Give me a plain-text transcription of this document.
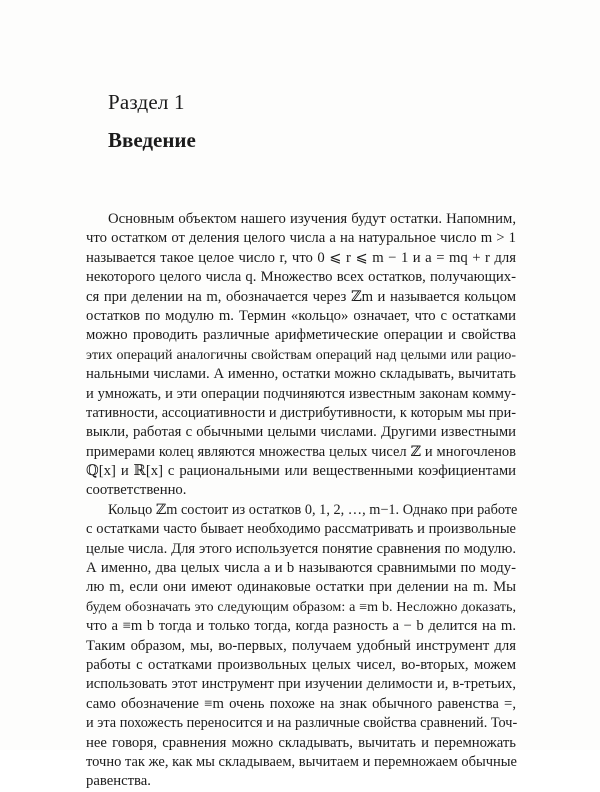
Раздел 1
Введение
Основным объектом нашего изучения будут остатки. Напомним,
что остатком от деления целого числа a на натуральное число m > 1
называется такое целое число r, что 0 ⩽ r ⩽ m − 1 и a = mq + r для
некоторого целого числа q. Множество всех остатков, получающих-
ся при делении на m, обозначается через ℤm и называется кольцом
остатков по модулю m. Термин «кольцо» означает, что с остатками
можно проводить различные арифметические операции и свойства
этих операций аналогичны свойствам операций над целыми или рацио-
нальными числами. А именно, остатки можно складывать, вычитать
и умножать, и эти операции подчиняются известным законам комму-
тативности, ассоциативности и дистрибутивности, к которым мы при-
выкли, работая с обычными целыми числами. Другими известными
примерами колец являются множества целых чисел ℤ и многочленов
ℚ[x] и ℝ[x] с рациональными или вещественными коэфициентами
соответственно.
Кольцо ℤm состоит из остатков 0, 1, 2, …, m−1. Однако при работе
с остатками часто бывает необходимо рассматривать и произвольные
целые числа. Для этого используется понятие сравнения по модулю.
А именно, два целых числа a и b называются сравнимыми по моду-
лю m, если они имеют одинаковые остатки при делении на m. Мы
будем обозначать это следующим образом: a ≡m b. Несложно доказать,
что a ≡m b тогда и только тогда, когда разность a − b делится на m.
Таким образом, мы, во-первых, получаем удобный инструмент для
работы с остатками произвольных целых чисел, во-вторых, можем
использовать этот инструмент при изучении делимости и, в-третьих,
само обозначение ≡m очень похоже на знак обычного равенства =,
и эта похожесть переносится и на различные свойства сравнений. Точ-
нее говоря, сравнения можно складывать, вычитать и перемножать
точно так же, как мы складываем, вычитаем и перемножаем обычные
равенства.
